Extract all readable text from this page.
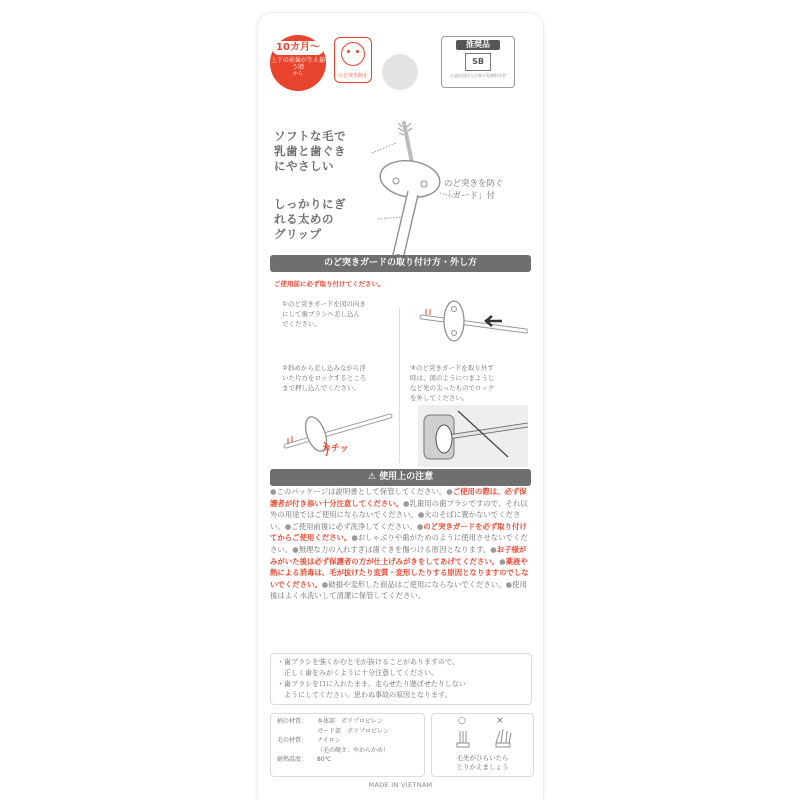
10カ月〜
上下の前歯が生え揃う頃
から	のど突き防止
推奨品
SB
公益社団法人日本小児歯科学会
ソフトな毛で
乳歯と歯ぐき
にやさしい
しっかりにぎ
れる太めの
グリップ
のど突きを防ぐ
「ガード」付
のど突きガードの取り付け方・外し方
ご使用前に必ず取り付けてください。
①のど突きガードを図の向き
にして歯ブラシへ差し込ん
でください。
②斜めから差し込みながら浮
いた片方をロックするところ
まで押し込んでください。
③のど突きガードを取り外す
時は、図のようにつまようじ
など先の尖ったものでロック
を外してください。
カチッ
⚠ 使用上の注意
●このパッケージは説明書として保管してください。●ご使用の際は、必ず保護者が付き添い十分注意してください。●乳歯用の歯ブラシですので、それ以外の用途ではご使用にならないでください。●火のそばに置かないでください。●ご使用前後に必ず洗浄してください。●のど突きガードを必ず取り付けてからご使用ください。●おしゃぶりや歯がためのように使用させないでください。●無理な力の入れすぎは歯ぐきを傷つける原因となります。●お子様がみがいた後は必ず保護者の方が仕上げみがきをしてあげてください。●薬液や熱による消毒は、毛が抜けたり変質・変形したりする原因となりますのでしないでください。●破損や変形した商品はご使用にならないでください。●使用後はよく水洗いして清潔に保管してください。
・歯ブラシを強くかむと毛が抜けることがありますので、
　正しく歯をみがくように十分注意してください。
・歯ブラシを口に入れたまま、走らせたり遊ばせたりしない
　ようにしてください。思わぬ事故の原因となります。
柄の材質： 本体部　ポリプロピレン
ガード部　ポリプロピレン
毛の材質： ナイロン
（毛の硬さ：やわらかめ）
耐熱温度： 80℃
○	×
毛先がひらいたら
とりかえましょう
MADE IN VIETNAM
